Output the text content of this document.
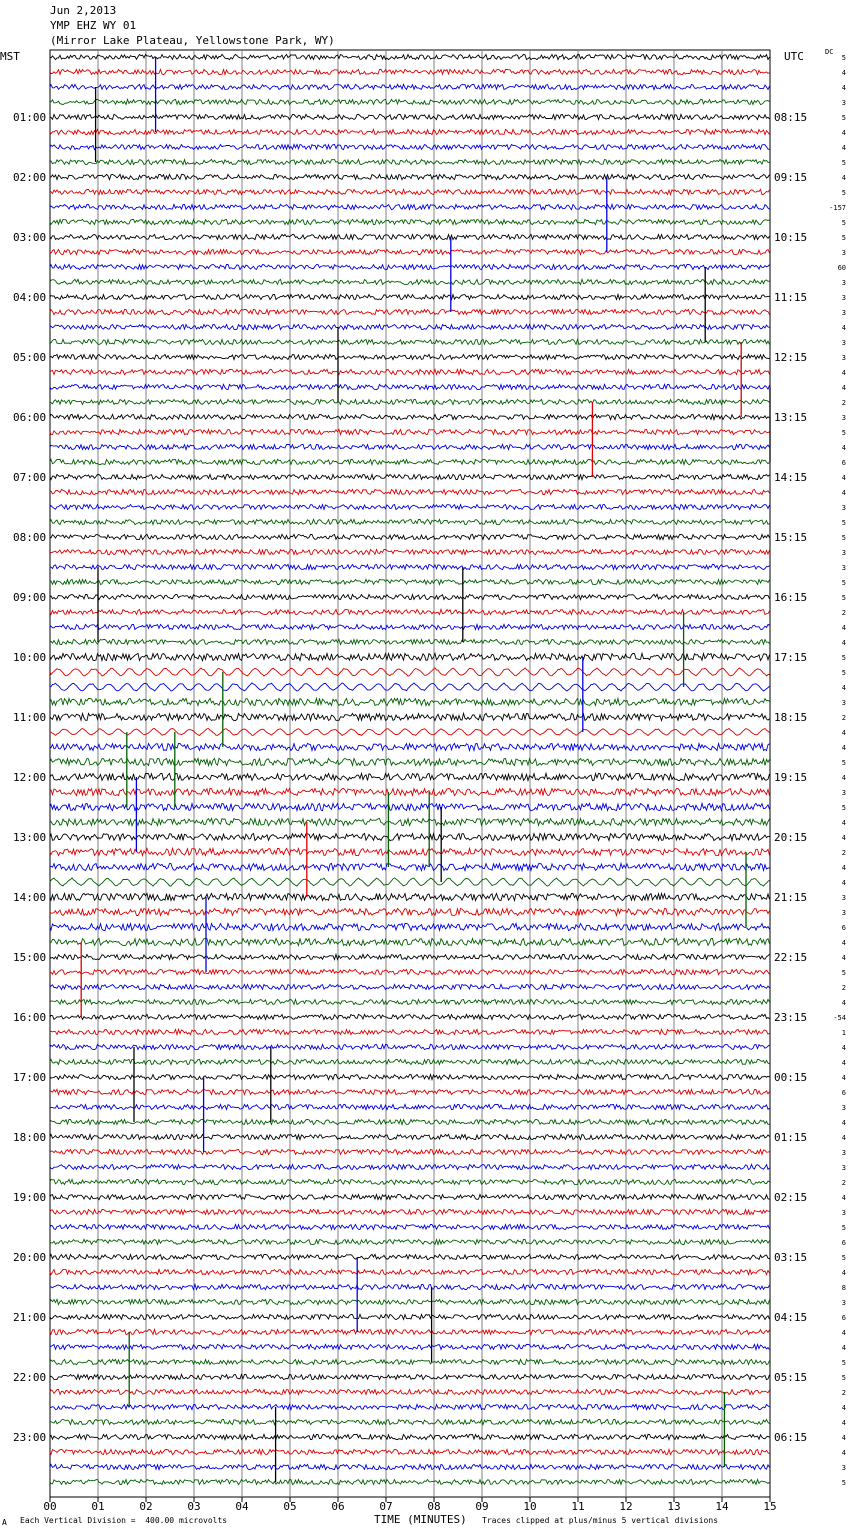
Jun 2,2013
YMP EHZ WY 01
(Mirror Lake Plateau, Yellowstone Park, WY)
MST	UTC	DC
01:00
02:00
03:00
04:00
05:00
06:00
07:00
08:00
09:00
10:00
11:00
12:00
13:00
14:00
15:00
16:00
17:00
18:00
19:00
20:00
21:00
22:00
23:00
08:15
09:15
10:15
11:15
12:15
13:15
14:15
15:15
16:15
17:15
18:15
19:15
20:15
21:15
22:15
23:15
00:15
01:15
02:15
03:15
04:15
05:15
06:15
5
4
4
3
5
4
4
5
4
5
-157
5
5
3
60
3
3
3
4
3
3
4
4
2
3
5
4
6
4
4
3
5
5
3
3
5
5
2
4
4
5
5
4
3
2
4
4
5
4
3
5
4
4
2
4
4
3
3
6
4
4
5
2
4
-54
1
4
4
4
6
3
4
4
3
3
2
4
3
5
6
5
4
8
3
6
4
4
5
5
2
4
4
4
4
3
5
00	01	02	03	04	05	06	07	08	09	10	11	12	13	14	15
A Each Vertical Division =  400.00 microvolts	TIME (MINUTES) Traces clipped at plus/minus 5 vertical divisions
